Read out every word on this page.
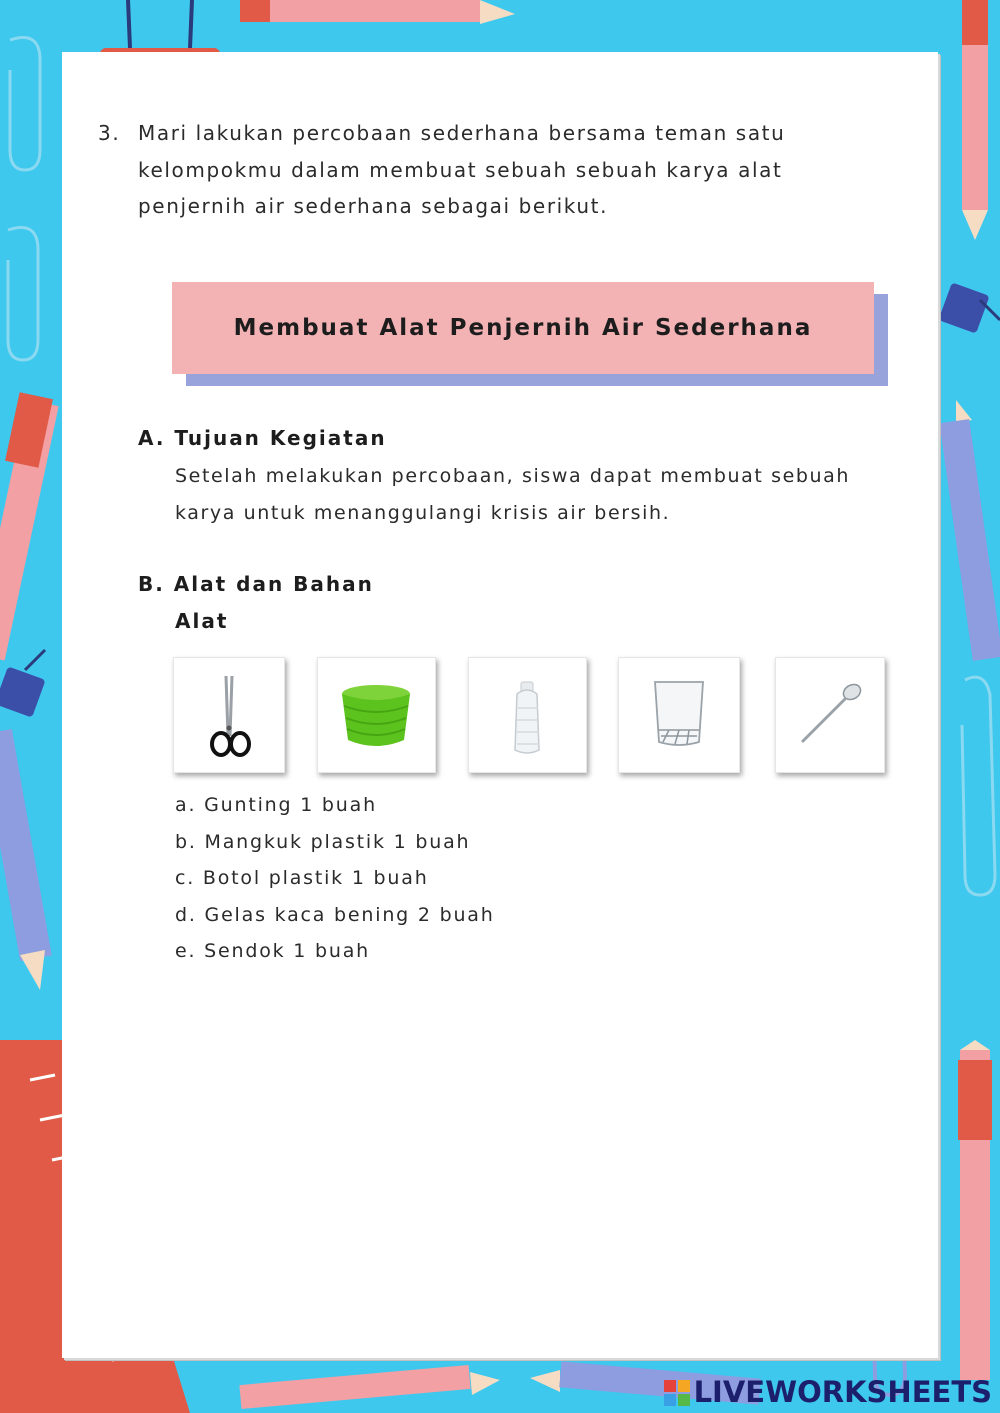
3. Mari lakukan percobaan sederhana bersama teman satu kelompokmu dalam membuat sebuah sebuah karya alat penjernih air sederhana sebagai berikut.
Membuat Alat Penjernih Air Sederhana
A. Tujuan Kegiatan
Setelah melakukan percobaan, siswa dapat membuat sebuah karya untuk menanggulangi krisis air bersih.
B. Alat dan Bahan
Alat
a. Gunting 1 buah
b. Mangkuk plastik 1 buah
c. Botol plastik 1 buah
d. Gelas kaca bening 2 buah
e. Sendok 1 buah
LIVEWORKSHEETS
